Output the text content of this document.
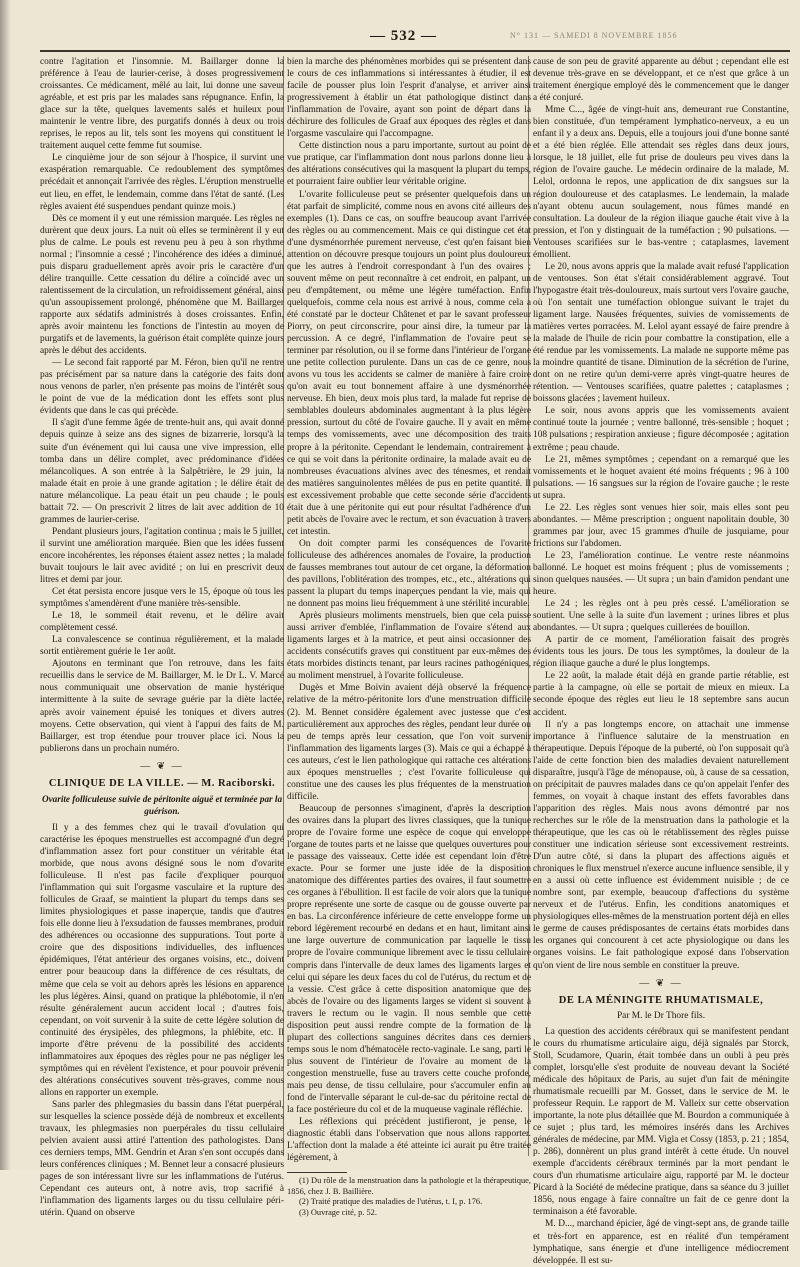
— 532 —	N° 131 — SAMEDI 8 NOVEMBRE 1856

contre l'agitation et l'insomnie. M. Baillarger donne la préférence à l'eau de laurier-cerise, à doses progressivement croissantes. Ce médicament, mêlé au lait, lui donne une saveur agréable, et est pris par les malades sans répugnance. Enfin, la glace sur la tête, quelques lavements salés et huileux pour maintenir le ventre libre, des purgatifs donnés à deux ou trois reprises, le repos au lit, tels sont les moyens qui constituent le traitement auquel cette femme fut soumise.

Le cinquième jour de son séjour à l'hospice, il survint une exaspération remarquable. Ce redoublement des symptômes précédait et annonçait l'arrivée des règles. L'éruption menstruelle eut lieu, en effet, le lendemain, comme dans l'état de santé. (Les règles avaient été suspendues pendant quinze mois.)

Dès ce moment il y eut une rémission marquée. Les règles ne durèrent que deux jours. La nuit où elles se terminèrent il y eut plus de calme. Le pouls est revenu peu à peu à son rhythme normal ; l'insomnie a cessé ; l'incohérence des idées a diminué, puis disparu graduellement après avoir pris le caractère d'un délire tranquille. Cette cessation du délire a coïncidé avec un ralentissement de la circulation, un refroidissement général, ainsi qu'un assoupissement prolongé, phénomène que M. Baillarger rapporte aux sédatifs administrés à doses croissantes. Enfin, après avoir maintenu les fonctions de l'intestin au moyen de purgatifs et de lavements, la guérison était complète quinze jours après le début des accidents.

— Le second fait rapporté par M. Féron, bien qu'il ne rentre pas précisément par sa nature dans la catégorie des faits dont nous venons de parler, n'en présente pas moins de l'intérêt sous le point de vue de la médication dont les effets sont plus évidents que dans le cas qui précède.

Il s'agit d'une femme âgée de trente-huit ans, qui avait donné depuis quinze à seize ans des signes de bizarrerie, lorsqu'à la suite d'un événement qui lui causa une vive impression, elle tomba dans un délire complet, avec prédominance d'idées mélancoliques. A son entrée à la Salpêtrière, le 29 juin, la malade était en proie à une grande agitation ; le délire était de nature mélancolique. La peau était un peu chaude ; le pouls battait 72. — On prescrivit 2 litres de lait avec addition de 10 grammes de laurier-cerise.

Pendant plusieurs jours, l'agitation continua ; mais le 5 juillet, il survint une amélioration marquée. Bien que les idées fussent encore incohérentes, les réponses étaient assez nettes ; la malade buvait toujours le lait avec avidité ; on lui en prescrivit deux litres et demi par jour.

Cet état persista encore jusque vers le 15, époque où tous les symptômes s'amendèrent d'une manière très-sensible.

Le 18, le sommeil était revenu, et le délire avait complètement cessé.

La convalescence se continua régulièrement, et la malade sortit entièrement guérie le 1er août.

Ajoutons en terminant que l'on retrouve, dans les faits recueillis dans le service de M. Baillarger, M. le Dr L. V. Marcé nous communiquait une observation de manie hystérique intermittente à la suite de sevrage guérie par la diète lactée, après avoir vainement épuisé les toniques et divers autres moyens. Cette observation, qui vient à l'appui des faits de M. Baillarger, est trop étendue pour trouver place ici. Nous la publierons dans un prochain numéro.

— ❦ —
CLINIQUE DE LA VILLE. — M. Raciborski.
Ovarite folliculeuse suivie de péritonite aiguë et terminée par la guérison.

Il y a des femmes chez qui le travail d'ovulation qui caractérise les époques menstruelles est accompagné d'un degré d'inflammation assez fort pour constituer un véritable état morbide, que nous avons désigné sous le nom d'ovarite folliculeuse. Il n'est pas facile d'expliquer pourquoi l'inflammation qui suit l'orgasme vasculaire et la rupture des follicules de Graaf, se maintient la plupart du temps dans ses limites physiologiques et passe inaperçue, tandis que d'autres fois elle donne lieu à l'exsudation de fausses membranes, produit des adhérences ou occasionne des suppurations. Tout porte à croire que des dispositions individuelles, des influences épidémiques, l'état antérieur des organes voisins, etc., doivent entrer pour beaucoup dans la différence de ces résultats, de même que cela se voit au dehors après les lésions en apparence les plus légères. Ainsi, quand on pratique la phlébotomie, il n'en résulte généralement aucun accident local ; d'autres fois, cependant, on voit survenir à la suite de cette légère solution de continuité des érysipèles, des phlegmons, la phlébite, etc. Il importe d'être prévenu de la possibilité des accidents inflammatoires aux époques des règles pour ne pas négliger les symptômes qui en révèlent l'existence, et pour pouvoir prévenir des altérations consécutives souvent très-graves, comme nous allons en rapporter un exemple.

Sans parler des phlegmasies du bassin dans l'état puerpéral, sur lesquelles la science possède déjà de nombreux et excellents travaux, les phlegmasies non puerpérales du tissu cellulaire pelvien avaient aussi attiré l'attention des pathologistes. Dans ces derniers temps, MM. Gendrin et Aran s'en sont occupés dans leurs conférences cliniques ; M. Bennet leur a consacré plusieurs pages de son intéressant livre sur les inflammations de l'utérus. Cependant ces auteurs ont, à notre avis, trop sacrifié à l'inflammation des ligaments larges ou du tissu cellulaire péri-utérin. Quand on observe

bien la marche des phénomènes morbides qui se présentent dans le cours de ces inflammations si intéressantes à étudier, il est facile de pousser plus loin l'esprit d'analyse, et arriver ainsi progressivement à établir un état pathologique distinct dans l'inflammation de l'ovaire, ayant son point de départ dans la déchirure des follicules de Graaf aux époques des règles et dans l'orgasme vasculaire qui l'accompagne.

Cette distinction nous a paru importante, surtout au point de vue pratique, car l'inflammation dont nous parlons donne lieu à des altérations consécutives qui la masquent la plupart du temps, et pourraient faire oublier leur véritable origine.

L'ovarite folliculeuse peut se présenter quelquefois dans un état parfait de simplicité, comme nous en avons cité ailleurs des exemples (1). Dans ce cas, on souffre beaucoup avant l'arrivée des règles ou au commencement. Mais ce qui distingue cet état d'une dysménorrhée purement nerveuse, c'est qu'en faisant bien attention on découvre presque toujours un point plus douloureux que les autres à l'endroit correspondant à l'un des ovaires ; souvent même on peut reconnaître à cet endroit, en palpant, un peu d'empâtement, ou même une légère tuméfaction. Enfin quelquefois, comme cela nous est arrivé à nous, comme cela a été constaté par le docteur Châtenet et par le savant professeur Piorry, on peut circonscrire, pour ainsi dire, la tumeur par la percussion. A ce degré, l'inflammation de l'ovaire peut se terminer par résolution, ou il se forme dans l'intérieur de l'organe une petite collection purulente. Dans un cas de ce genre, nous avons vu tous les accidents se calmer de manière à faire croire qu'on avait eu tout bonnement affaire à une dysménorrhée nerveuse. Eh bien, deux mois plus tard, la malade fut reprise de semblables douleurs abdominales augmentant à la plus légère pression, surtout du côté de l'ovaire gauche. Il y avait en même temps des vomissements, avec une décomposition des traits propre à la péritonite. Cependant le lendemain, contrairement à ce qui se voit dans la péritonite ordinaire, la malade avait eu de nombreuses évacuations alvines avec des ténesmes, et rendait des matières sanguinolentes mêlées de pus en petite quantité. Il est excessivement probable que cette seconde série d'accidents était due à une péritonite qui eut pour résultat l'adhérence d'un petit abcès de l'ovaire avec le rectum, et son évacuation à travers cet intestin.

On doit compter parmi les conséquences de l'ovarite folliculeuse des adhérences anomales de l'ovaire, la production de fausses membranes tout autour de cet organe, la déformation des pavillons, l'oblitération des trompes, etc., etc., altérations qui passent la plupart du temps inaperçues pendant la vie, mais qui ne donnent pas moins lieu fréquemment à une stérilité incurable.

Après plusieurs moliments menstruels, bien que cela puisse aussi arriver d'emblée, l'inflammation de l'ovaire s'étend aux ligaments larges et à la matrice, et peut ainsi occasionner des accidents consécutifs graves qui constituent par eux-mêmes des états morbides distincts tenant, par leurs racines pathogéniques, au moliment menstruel, à l'ovarite folliculeuse.

Dugès et Mme Boivin avaient déjà observé la fréquence relative de la métro-péritonite lors d'une menstruation difficile (2). M. Bennet considère également avec justesse que c'est particulièrement aux approches des règles, pendant leur durée ou peu de temps après leur cessation, que l'on voit survenir l'inflammation des ligaments larges (3). Mais ce qui a échappé à ces auteurs, c'est le lien pathologique qui rattache ces altérations aux époques menstruelles ; c'est l'ovarite folliculeuse qui constitue une des causes les plus fréquentes de la menstruation difficile.

Beaucoup de personnes s'imaginent, d'après la description des ovaires dans la plupart des livres classiques, que la tunique propre de l'ovaire forme une espèce de coque qui enveloppe l'organe de toutes parts et ne laisse que quelques ouvertures pour le passage des vaisseaux. Cette idée est cependant loin d'être exacte. Pour se former une juste idée de la disposition anatomique des différentes parties des ovaires, il faut soumettre ces organes à l'ébullition. Il est facile de voir alors que la tunique propre représente une sorte de casque ou de gousse ouverte par en bas. La circonférence inférieure de cette enveloppe forme un rebord légèrement recourbé en dedans et en haut, limitant ainsi une large ouverture de communication par laquelle le tissu propre de l'ovaire communique librement avec le tissu cellulaire compris dans l'intervalle de deux lames des ligaments larges et celui qui sépare les deux faces du col de l'utérus, du rectum et de la vessie. C'est grâce à cette disposition anatomique que des abcès de l'ovaire ou des ligaments larges se vident si souvent à travers le rectum ou le vagin. Il nous semble que cette disposition peut aussi rendre compte de la formation de la plupart des collections sanguines décrites dans ces derniers temps sous le nom d'hématocèle recto-vaginale. Le sang, parti le plus souvent de l'intérieur de l'ovaire au moment de la congestion menstruelle, fuse au travers cette couche profonde, mais peu dense, de tissu cellulaire, pour s'accumuler enfin au fond de l'intervalle séparant le cul-de-sac du péritoine rectal de la face postérieure du col et de la muqueuse vaginale réfléchie.

Les réflexions qui précèdent justifieront, je pense, le diagnostic établi dans l'observation que nous allons rapporter. L'affection dont la malade a été atteinte ici aurait pu être traitée légèrement, à

(1) Du rôle de la menstruation dans la pathologie et la thérapeutique, 1856, chez J. B. Baillière.

(2) Traité pratique des maladies de l'utérus, t. I, p. 176.

(3) Ouvrage cité, p. 52.

cause de son peu de gravité apparente au début ; cependant elle est devenue très-grave en se développant, et ce n'est que grâce à un traitement énergique employé dès le commencement que le danger a été conjuré.

Mme C..., âgée de vingt-huit ans, demeurant rue Constantine, bien constituée, d'un tempérament lymphatico-nerveux, a eu un enfant il y a deux ans. Depuis, elle a toujours joui d'une bonne santé et a été bien réglée. Elle attendait ses règles dans deux jours, lorsque, le 18 juillet, elle fut prise de douleurs peu vives dans la région de l'ovaire gauche. Le médecin ordinaire de la malade, M. Lelol, ordonna le repos, une application de dix sangsues sur la région douloureuse et des cataplasmes. Le lendemain, la malade n'ayant obtenu aucun soulagement, nous fûmes mandé en consultation. La douleur de la région iliaque gauche était vive à la pression, et l'on y distinguait de la tuméfaction ; 90 pulsations. — Ventouses scarifiées sur le bas-ventre ; cataplasmes, lavement émollient.

Le 20, nous avons appris que la malade avait refusé l'application de ventouses. Son état s'était considérablement aggravé. Tout l'hypogastre était très-douloureux, mais surtout vers l'ovaire gauche, où l'on sentait une tuméfaction oblongue suivant le trajet du ligament large. Nausées fréquentes, suivies de vomissements de matières vertes porracées. M. Lelol ayant essayé de faire prendre à la malade de l'huile de ricin pour combattre la constipation, elle a été rendue par les vomissements. La malade ne supporte même pas la moindre quantité de tisane. Diminution de la sécrétion de l'urine, dont on ne retire qu'un demi-verre après vingt-quatre heures de rétention. — Ventouses scarifiées, quatre palettes ; cataplasmes ; boissons glacées ; lavement huileux.

Le soir, nous avons appris que les vomissements avaient continué toute la journée ; ventre ballonné, très-sensible ; hoquet ; 108 pulsations ; respiration anxieuse ; figure décomposée ; agitation extrême ; peau chaude.

Le 21, mêmes symptômes ; cependant on a remarqué que les vomissements et le hoquet avaient été moins fréquents ; 96 à 100 pulsations. — 16 sangsues sur la région de l'ovaire gauche ; le reste ut supra.

Le 22. Les règles sont venues hier soir, mais elles sont peu abondantes. — Même prescription ; onguent napolitain double, 30 grammes par jour, avec 15 grammes d'huile de jusquiame, pour frictions sur l'abdomen.

Le 23, l'amélioration continue. Le ventre reste néanmoins ballonné. Le hoquet est moins fréquent ; plus de vomissements ; sinon quelques nausées. — Ut supra ; un bain d'amidon pendant une heure.

Le 24 ; les règles ont à peu près cessé. L'amélioration se soutient. Une selle à la suite d'un lavement ; urines libres et plus abondantes. — Ut supra ; quelques cuillerées de bouillon.

A partir de ce moment, l'amélioration faisait des progrès évidents tous les jours. De tous les symptômes, la douleur de la région iliaque gauche a duré le plus longtemps.

Le 22 août, la malade était déjà en grande partie rétablie, est partie à la campagne, où elle se portait de mieux en mieux. La seconde époque des règles eut lieu le 18 septembre sans aucun accident.

Il n'y a pas longtemps encore, on attachait une immense importance à l'influence salutaire de la menstruation en thérapeutique. Depuis l'époque de la puberté, où l'on supposait qu'à l'aide de cette fonction bien des maladies devaient naturellement disparaître, jusqu'à l'âge de ménopause, où, à cause de sa cessation, on précipitait de pauvres malades dans ce qu'on appelait l'enfer des femmes, on voyait à chaque instant des effets favorables dans l'apparition des règles. Mais nous avons démontré par nos recherches sur le rôle de la menstruation dans la pathologie et la thérapeutique, que les cas où le rétablissement des règles puisse constituer une indication sérieuse sont excessivement restreints. D'un autre côté, si dans la plupart des affections aiguës et chroniques le flux menstruel n'exerce aucune influence sensible, il y en a aussi où cette influence est évidemment nuisible ; de ce nombre sont, par exemple, beaucoup d'affections du système nerveux et de l'utérus. Enfin, les conditions anatomiques et physiologiques elles-mêmes de la menstruation portent déjà en elles le germe de causes prédisposantes de certains états morbides dans les organes qui concourent à cet acte physiologique ou dans les organes voisins. Le fait pathologique exposé dans l'observation qu'on vient de lire nous semble en constituer la preuve.

— ❦ —
DE LA MÉNINGITE RHUMATISMALE,
Par M. le Dr Thore fils.

La question des accidents cérébraux qui se manifestent pendant le cours du rhumatisme articulaire aigu, déjà signalés par Storck, Stoll, Scudamore, Quarin, était tombée dans un oubli à peu près complet, lorsqu'elle s'est produite de nouveau devant la Société médicale des hôpitaux de Paris, au sujet d'un fait de méningite rhumatismale recueilli par M. Gosset, dans le service de M. le professeur Requin. Le rapport de M. Valleix sur cette observation importante, la note plus détaillée que M. Bourdon a communiquée à ce sujet ; plus tard, les mémoires insérés dans les Archives générales de médecine, par MM. Vigla et Cossy (1853, p. 21 ; 1854, p. 286), donnèrent un plus grand intérêt à cette étude. Un nouvel exemple d'accidents cérébraux terminés par la mort pendant le cours d'un rhumatisme articulaire aigu, rapporté par M. le docteur Picard à la Société de médecine pratique, dans sa séance du 3 juillet 1856, nous engage à faire connaître un fait de ce genre dont la terminaison a été favorable.

M. D..., marchand épicier, âgé de vingt-sept ans, de grande taille et très-fort en apparence, est en réalité d'un tempérament lymphatique, sans énergie et d'une intelligence médiocrement développée. Il est su-
